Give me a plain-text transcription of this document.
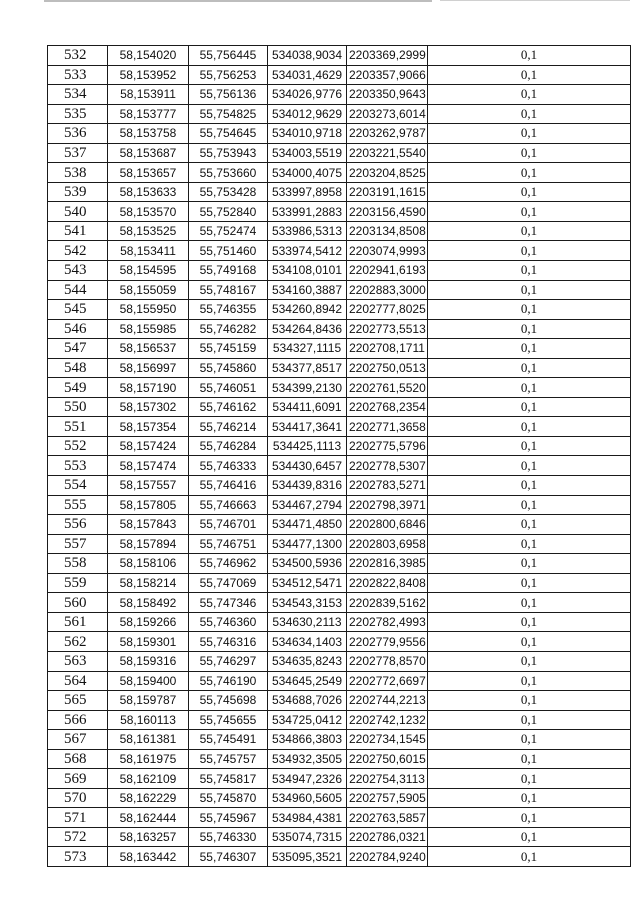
532	58,154020	55,756445	534038,9034	2203369,2999	0,1
533	58,153952	55,756253	534031,4629	2203357,9066	0,1
534	58,153911	55,756136	534026,9776	2203350,9643	0,1
535	58,153777	55,754825	534012,9629	2203273,6014	0,1
536	58,153758	55,754645	534010,9718	2203262,9787	0,1
537	58,153687	55,753943	534003,5519	2203221,5540	0,1
538	58,153657	55,753660	534000,4075	2203204,8525	0,1
539	58,153633	55,753428	533997,8958	2203191,1615	0,1
540	58,153570	55,752840	533991,2883	2203156,4590	0,1
541	58,153525	55,752474	533986,5313	2203134,8508	0,1
542	58,153411	55,751460	533974,5412	2203074,9993	0,1
543	58,154595	55,749168	534108,0101	2202941,6193	0,1
544	58,155059	55,748167	534160,3887	2202883,3000	0,1
545	58,155950	55,746355	534260,8942	2202777,8025	0,1
546	58,155985	55,746282	534264,8436	2202773,5513	0,1
547	58,156537	55,745159	534327,1115	2202708,1711	0,1
548	58,156997	55,745860	534377,8517	2202750,0513	0,1
549	58,157190	55,746051	534399,2130	2202761,5520	0,1
550	58,157302	55,746162	534411,6091	2202768,2354	0,1
551	58,157354	55,746214	534417,3641	2202771,3658	0,1
552	58,157424	55,746284	534425,1113	2202775,5796	0,1
553	58,157474	55,746333	534430,6457	2202778,5307	0,1
554	58,157557	55,746416	534439,8316	2202783,5271	0,1
555	58,157805	55,746663	534467,2794	2202798,3971	0,1
556	58,157843	55,746701	534471,4850	2202800,6846	0,1
557	58,157894	55,746751	534477,1300	2202803,6958	0,1
558	58,158106	55,746962	534500,5936	2202816,3985	0,1
559	58,158214	55,747069	534512,5471	2202822,8408	0,1
560	58,158492	55,747346	534543,3153	2202839,5162	0,1
561	58,159266	55,746360	534630,2113	2202782,4993	0,1
562	58,159301	55,746316	534634,1403	2202779,9556	0,1
563	58,159316	55,746297	534635,8243	2202778,8570	0,1
564	58,159400	55,746190	534645,2549	2202772,6697	0,1
565	58,159787	55,745698	534688,7026	2202744,2213	0,1
566	58,160113	55,745655	534725,0412	2202742,1232	0,1
567	58,161381	55,745491	534866,3803	2202734,1545	0,1
568	58,161975	55,745757	534932,3505	2202750,6015	0,1
569	58,162109	55,745817	534947,2326	2202754,3113	0,1
570	58,162229	55,745870	534960,5605	2202757,5905	0,1
571	58,162444	55,745967	534984,4381	2202763,5857	0,1
572	58,163257	55,746330	535074,7315	2202786,0321	0,1
573	58,163442	55,746307	535095,3521	2202784,9240	0,1
